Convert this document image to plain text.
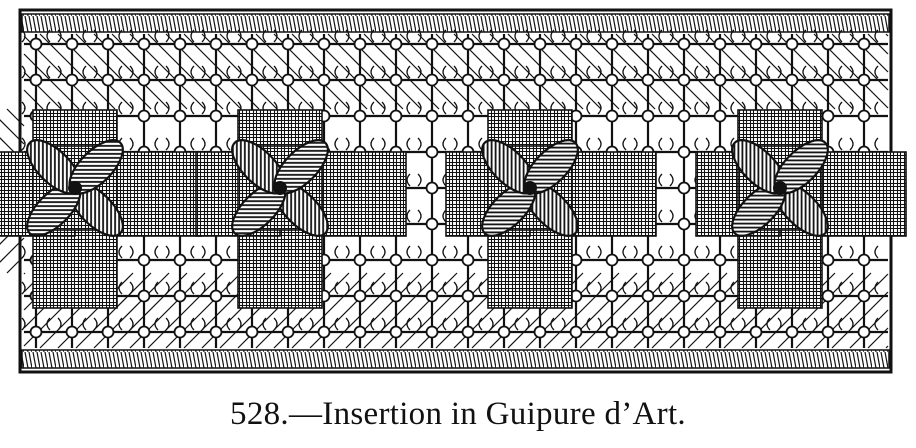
528.—Insertion in Guipure d’Art.
